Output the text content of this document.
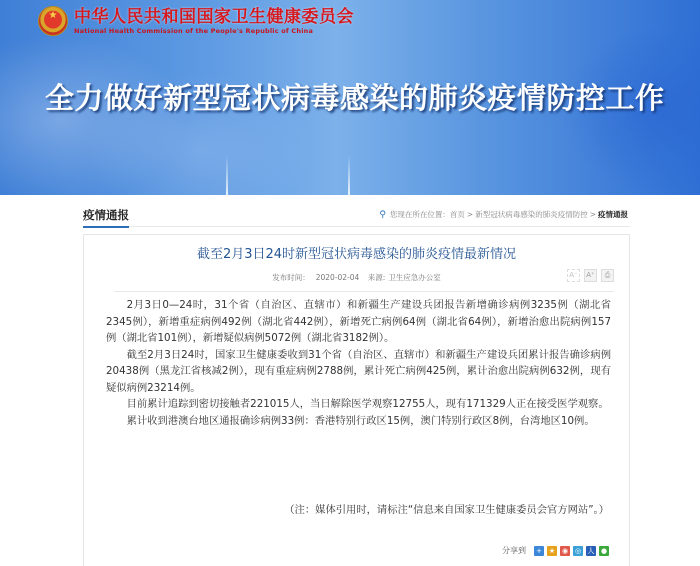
★
中华人民共和国国家卫生健康委员会
National Health Commission of the People's Republic of China
全力做好新型冠状病毒感染的肺炎疫情防控工作
疫情通报	⚲ 您现在所在位置： 首页 > 新型冠状病毒感染的肺炎疫情防控 > 疫情通报
截至2月3日24时新型冠状病毒感染的肺炎疫情最新情况
发布时间： 2020-02-04 来源: 卫生应急办公室	A⁻	A⁺	⎙

2月3日0—24时，31个省（自治区、直辖市）和新疆生产建设兵团报告新增确诊病例3235例（湖北省2345例），新增重症病例492例（湖北省442例），新增死亡病例64例（湖北省64例），新增治愈出院病例157例（湖北省101例），新增疑似病例5072例（湖北省3182例）。

截至2月3日24时，国家卫生健康委收到31个省（自治区、直辖市）和新疆生产建设兵团累计报告确诊病例20438例（黑龙江省核减2例），现有重症病例2788例，累计死亡病例425例，累计治愈出院病例632例，现有疑似病例23214例。

目前累计追踪到密切接触者221015人，当日解除医学观察12755人，现有171329人正在接受医学观察。

累计收到港澳台地区通报确诊病例33例：香港特别行政区15例，澳门特别行政区8例，台湾地区10例。

（注：媒体引用时，请标注“信息来自国家卫生健康委员会官方网站”。）
分享到 + ★ ◉ ◎ 人 ●
